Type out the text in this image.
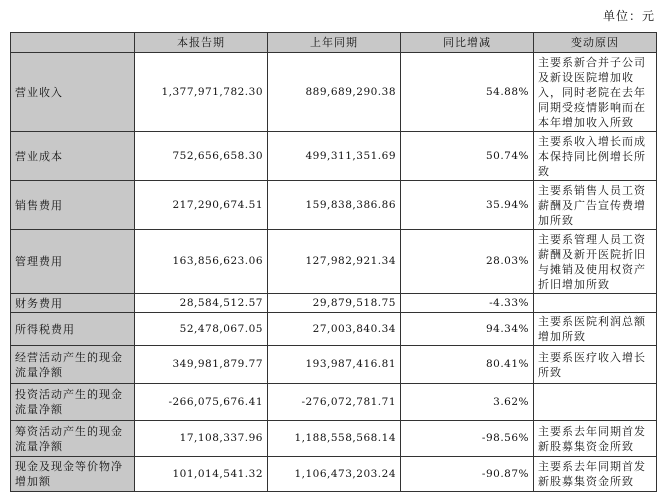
单位：元
	本报告期	上年同期	同比增减	变动原因
营业收入	1,377,971,782.30	889,689,290.38	54.88%	主要系新合并子公司及新设医院增加收入，同时老院在去年同期受疫情影响而在本年增加收入所致
营业成本	752,656,658.30	499,311,351.69	50.74%	主要系收入增长而成本保持同比例增长所致
销售费用	217,290,674.51	159,838,386.86	35.94%	主要系销售人员工资薪酬及广告宣传费增加所致
管理费用	163,856,623.06	127,982,921.34	28.03%	主要系管理人员工资薪酬及新开医院折旧与摊销及使用权资产折旧增加所致
财务费用	28,584,512.57	29,879,518.75	-4.33%	
所得税费用	52,478,067.05	27,003,840.34	94.34%	主要系医院利润总额增加所致
经营活动产生的现金流量净额	349,981,879.77	193,987,416.81	80.41%	主要系医疗收入增长所致
投资活动产生的现金流量净额	-266,075,676.41	-276,072,781.71	3.62%	
筹资活动产生的现金流量净额	17,108,337.96	1,188,558,568.14	-98.56%	主要系去年同期首发新股募集资金所致
现金及现金等价物净增加额	101,014,541.32	1,106,473,203.24	-90.87%	主要系去年同期首发新股募集资金所致
